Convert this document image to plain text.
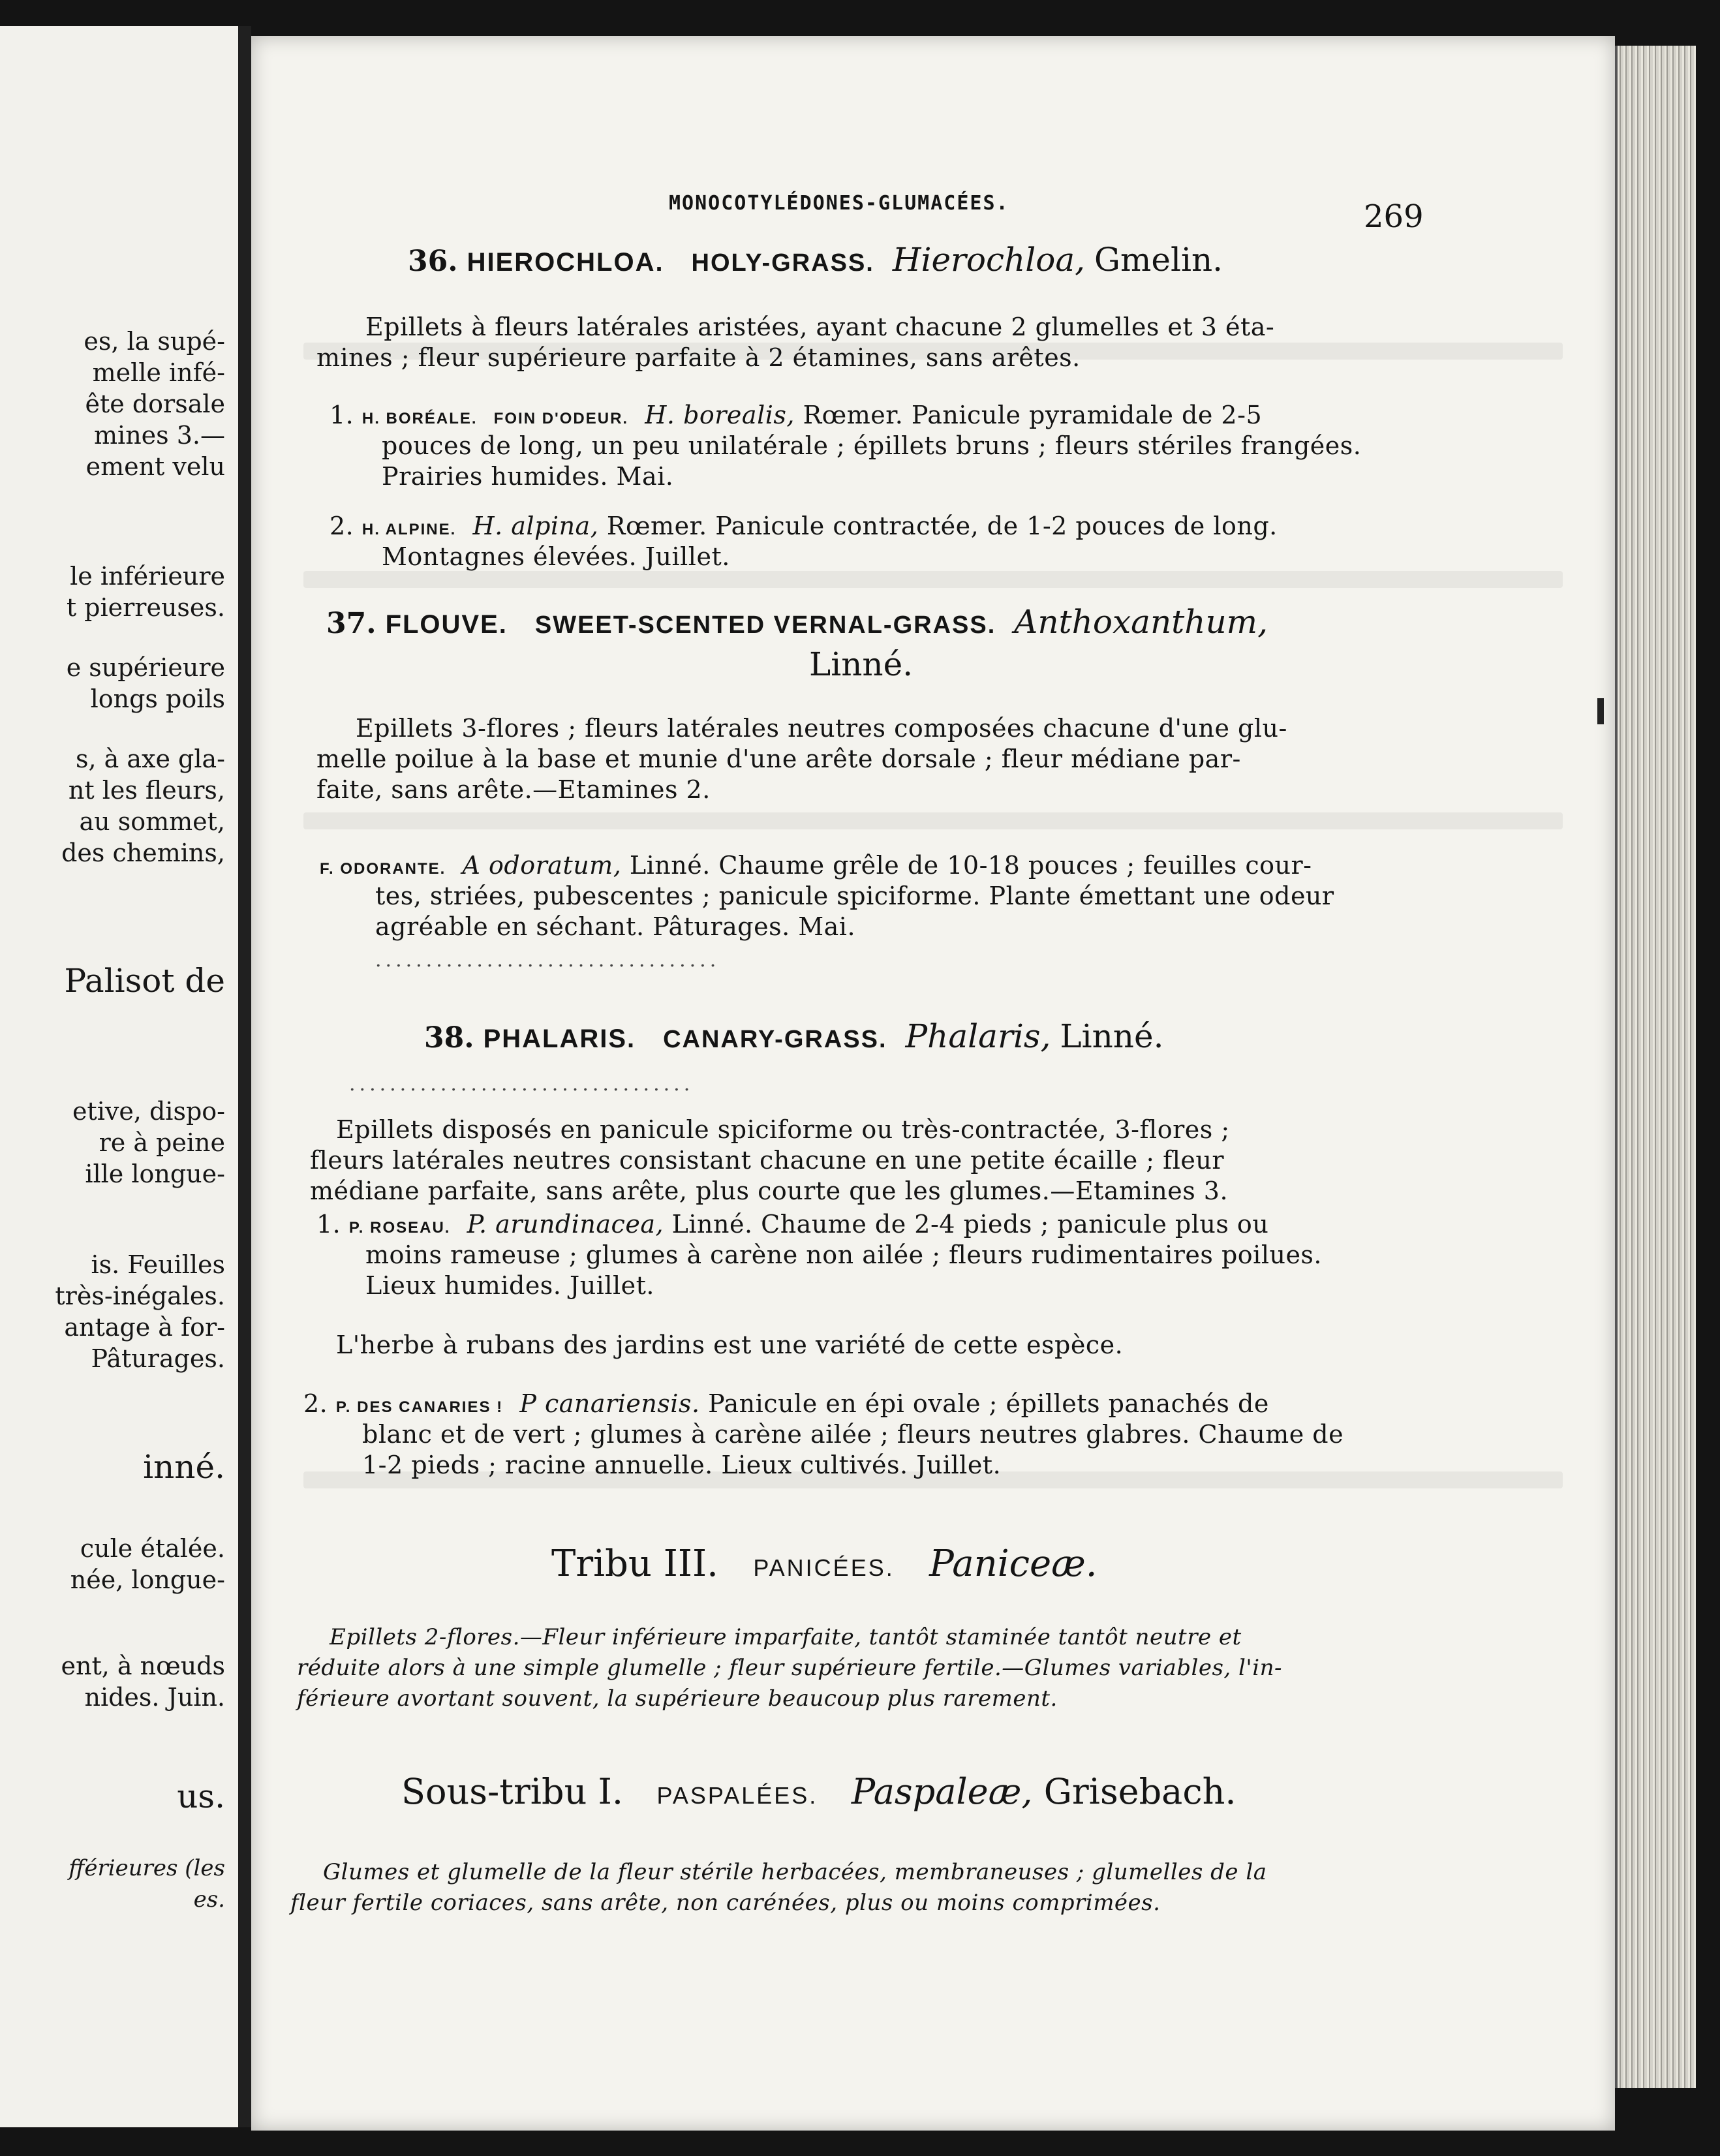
es, la supé-
melle infé-
ête dorsale
mines 3.—
ement velu
le inférieure
t pierreuses.
e supérieure
longs poils
s, à axe gla-
nt les fleurs,
au sommet,
des chemins,
Palisot de
etive, dispo-
re à peine
ille longue-
is. Feuilles
très-inégales.
antage à for-
Pâturages.
inné.
cule étalée.
née, longue-
ent, à nœuds
nides. Juin.
us.
fférieures (les
es.
MONOCOTYLÉDONES-GLUMACÉES.	269
36. HIEROCHLOA. HOLY-GRASS. Hierochloa, Gmelin.
Epillets à fleurs latérales aristées, ayant chacune 2 glumelles et 3 éta-
mines ; fleur supérieure parfaite à 2 étamines, sans arêtes.
1. H. BORÉALE. FOIN D'ODEUR. H. borealis, Rœmer. Panicule pyramidale de 2-5
pouces de long, un peu unilatérale ; épillets bruns ; fleurs stériles frangées.
Prairies humides. Mai.
2. H. ALPINE. H. alpina, Rœmer. Panicule contractée, de 1-2 pouces de long.
Montagnes élevées. Juillet.
37. FLOUVE. SWEET-SCENTED VERNAL-GRASS. Anthoxanthum,
Linné.
Epillets 3-flores ; fleurs latérales neutres composées chacune d'une glu-
melle poilue à la base et munie d'une arête dorsale ; fleur médiane par-
faite, sans arête.—Etamines 2.
F. ODORANTE. A odoratum, Linné. Chaume grêle de 10-18 pouces ; feuilles cour-
tes, striées, pubescentes ; panicule spiciforme. Plante émettant une odeur
agréable en séchant. Pâturages. Mai.
..................................
38. PHALARIS. CANARY-GRASS. Phalaris, Linné.
..................................
Epillets disposés en panicule spiciforme ou très-contractée, 3-flores ;
fleurs latérales neutres consistant chacune en une petite écaille ; fleur
médiane parfaite, sans arête, plus courte que les glumes.—Etamines 3.
1. P. ROSEAU. P. arundinacea, Linné. Chaume de 2-4 pieds ; panicule plus ou
moins rameuse ; glumes à carène non ailée ; fleurs rudimentaires poilues.
Lieux humides. Juillet.
L'herbe à rubans des jardins est une variété de cette espèce.
2. P. DES CANARIES ! P canariensis. Panicule en épi ovale ; épillets panachés de
blanc et de vert ; glumes à carène ailée ; fleurs neutres glabres. Chaume de
1-2 pieds ; racine annuelle. Lieux cultivés. Juillet.
Tribu III. PANICÉES. Paniceæ.
Epillets 2-flores.—Fleur inférieure imparfaite, tantôt staminée tantôt neutre et
réduite alors à une simple glumelle ; fleur supérieure fertile.—Glumes variables, l'in-
férieure avortant souvent, la supérieure beaucoup plus rarement.
Sous-tribu I. PASPALÉES. Paspaleæ, Grisebach.
Glumes et glumelle de la fleur stérile herbacées, membraneuses ; glumelles de la
fleur fertile coriaces, sans arête, non carénées, plus ou moins comprimées.
